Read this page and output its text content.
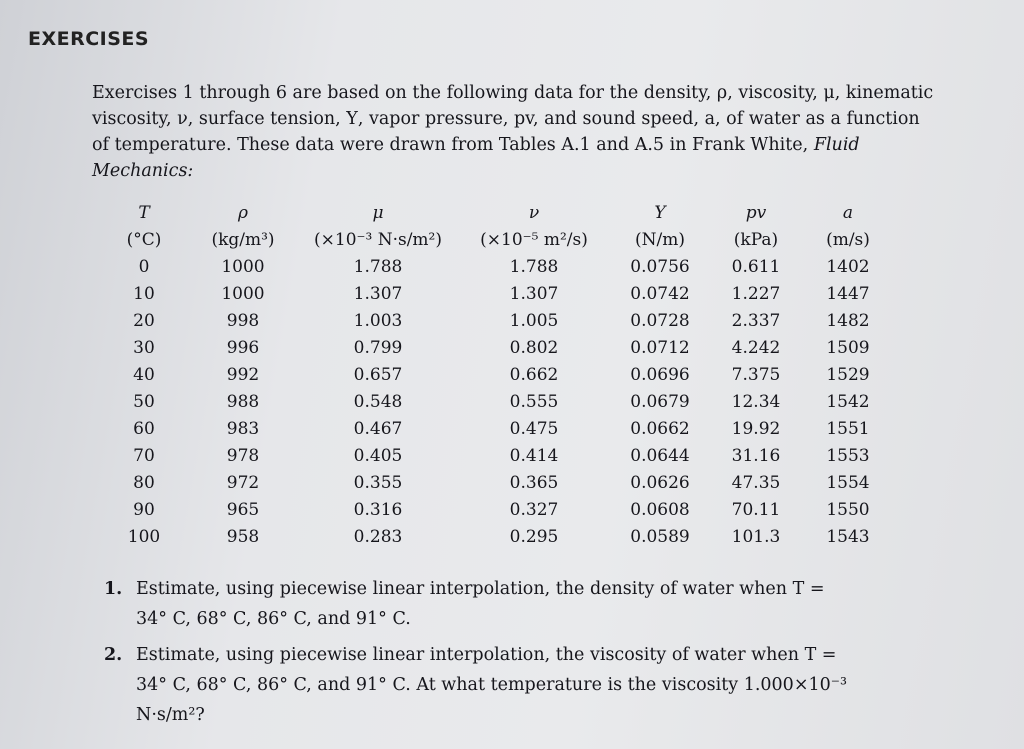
EXERCISES
Exercises 1 through 6 are based on the following data for the density, ρ, viscosity, μ, kinematic viscosity, ν, surface tension, Υ, vapor pressure, pv, and sound speed, a, of water as a function of temperature. These data were drawn from Tables A.1 and A.5 in Frank White, Fluid Mechanics:
T	ρ	μ	ν	Υ	pv	a
(°C)	(kg/m³)	(×10⁻³ N·s/m²)	(×10⁻⁵ m²/s)	(N/m)	(kPa)	(m/s)
0	1000	1.788	1.788	0.0756	0.611	1402
10	1000	1.307	1.307	0.0742	1.227	1447
20	998	1.003	1.005	0.0728	2.337	1482
30	996	0.799	0.802	0.0712	4.242	1509
40	992	0.657	0.662	0.0696	7.375	1529
50	988	0.548	0.555	0.0679	12.34	1542
60	983	0.467	0.475	0.0662	19.92	1551
70	978	0.405	0.414	0.0644	31.16	1553
80	972	0.355	0.365	0.0626	47.35	1554
90	965	0.316	0.327	0.0608	70.11	1550
100	958	0.283	0.295	0.0589	101.3	1543
1. Estimate, using piecewise linear interpolation, the density of water when T =
34° C, 68° C, 86° C, and 91° C.
2. Estimate, using piecewise linear interpolation, the viscosity of water when T =
34° C, 68° C, 86° C, and 91° C. At what temperature is the viscosity 1.000×10⁻³
N·s/m²?
